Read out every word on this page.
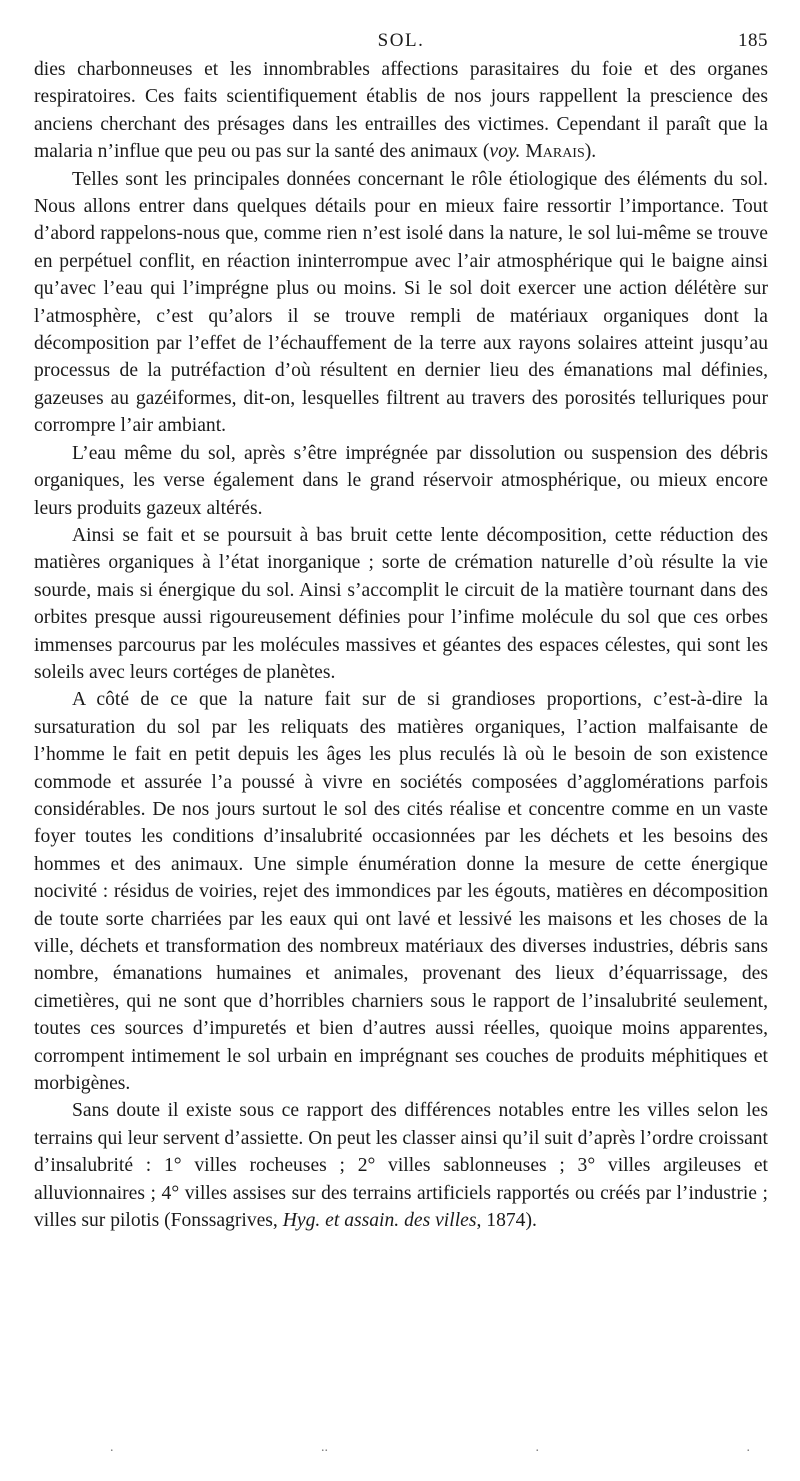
SOL.	185

dies charbonneuses et les innombrables affections parasitaires du foie et des organes respiratoires. Ces faits scientifiquement établis de nos jours rappellent la prescience des anciens cherchant des présages dans les entrailles des victimes. Cependant il paraît que la malaria n’influe que peu ou pas sur la santé des animaux (voy. Marais).

Telles sont les principales données concernant le rôle étiologique des éléments du sol. Nous allons entrer dans quelques détails pour en mieux faire ressortir l’importance. Tout d’abord rappelons-nous que, comme rien n’est isolé dans la nature, le sol lui-même se trouve en perpétuel conflit, en réaction ininterrompue avec l’air atmosphérique qui le baigne ainsi qu’avec l’eau qui l’imprégne plus ou moins. Si le sol doit exercer une action délétère sur l’atmosphère, c’est qu’alors il se trouve rempli de matériaux organiques dont la décomposition par l’effet de l’échauffement de la terre aux rayons solaires atteint jusqu’au processus de la putréfaction d’où résultent en dernier lieu des émanations mal définies, gazeuses au gazéiformes, dit-on, lesquelles filtrent au travers des porosités telluriques pour corrompre l’air ambiant.

L’eau même du sol, après s’être imprégnée par dissolution ou suspension des débris organiques, les verse également dans le grand réservoir atmosphérique, ou mieux encore leurs produits gazeux altérés.

Ainsi se fait et se poursuit à bas bruit cette lente décomposition, cette réduction des matières organiques à l’état inorganique ; sorte de crémation naturelle d’où résulte la vie sourde, mais si énergique du sol. Ainsi s’accomplit le circuit de la matière tournant dans des orbites presque aussi rigoureusement définies pour l’infime molécule du sol que ces orbes immenses parcourus par les molécules massives et géantes des espaces célestes, qui sont les soleils avec leurs cortéges de planètes.

A côté de ce que la nature fait sur de si grandioses proportions, c’est-à-dire la sursaturation du sol par les reliquats des matières organiques, l’action malfaisante de l’homme le fait en petit depuis les âges les plus reculés là où le besoin de son existence commode et assurée l’a poussé à vivre en sociétés composées d’agglomérations parfois considérables. De nos jours surtout le sol des cités réalise et concentre comme en un vaste foyer toutes les conditions d’insalubrité occasionnées par les déchets et les besoins des hommes et des animaux. Une simple énumération donne la mesure de cette énergique nocivité : résidus de voiries, rejet des immondices par les égouts, matières en décomposition de toute sorte charriées par les eaux qui ont lavé et lessivé les maisons et les choses de la ville, déchets et transformation des nombreux matériaux des diverses industries, débris sans nombre, émanations humaines et animales, provenant des lieux d’équarrissage, des cimetières, qui ne sont que d’horribles charniers sous le rapport de l’insalubrité seulement, toutes ces sources d’impuretés et bien d’autres aussi réelles, quoique moins apparentes, corrompent intimement le sol urbain en imprégnant ses couches de produits méphitiques et morbigènes.

Sans doute il existe sous ce rapport des différences notables entre les villes selon les terrains qui leur servent d’assiette. On peut les classer ainsi qu’il suit d’après l’ordre croissant d’insalubrité : 1° villes rocheuses ; 2° villes sablonneuses ; 3° villes argileuses et alluvionnaires ; 4° villes assises sur des terrains artificiels rapportés ou créés par l’industrie ; villes sur pilotis (Fonssagrives, Hyg. et assain. des villes, 1874).

.	..	.	.
